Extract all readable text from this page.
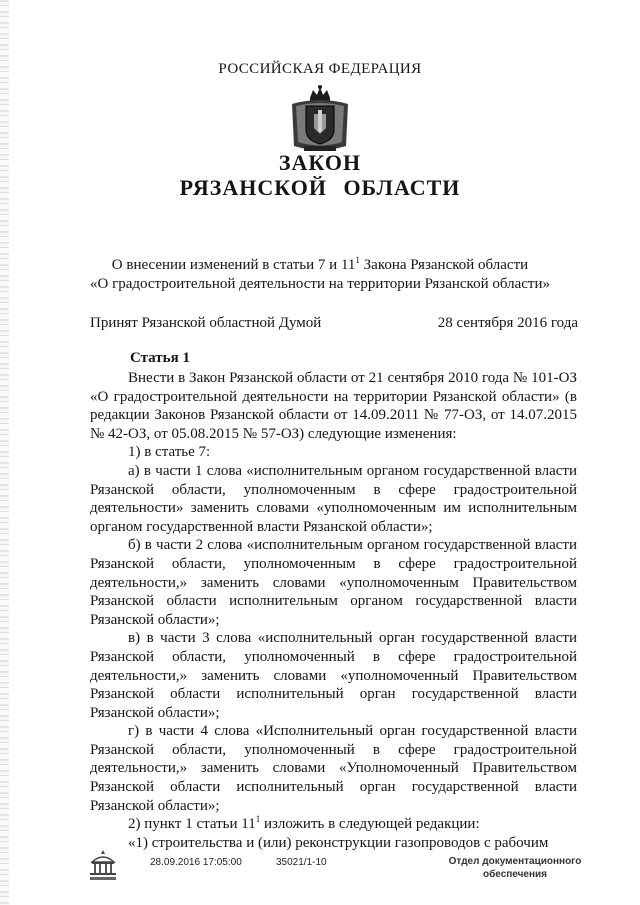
РОССИЙСКАЯ ФЕДЕРАЦИЯ
ЗАКОН
РЯЗАНСКОЙ ОБЛАСТИ
О внесении изменений в статьи 7 и $11^1$ Закона Рязанской области
«О градостроительной деятельности на территории Рязанской области»
Принят Рязанской областной Думой	28 сентября 2016 года
Статья 1

Внести в Закон Рязанской области от 21 сентября 2010 года № 101-ОЗ «О градостроительной деятельности на территории Рязанской области» (в редакции Законов Рязанской области от 14.09.2011 № 77-ОЗ, от 14.07.2015 № 42-ОЗ, от 05.08.2015 № 57-ОЗ) следующие изменения:

1) в статье 7:

а) в части 1 слова «исполнительным органом государственной власти Рязанской области, уполномоченным в сфере градостроительной деятельности» заменить словами «уполномоченным им исполнительным органом государственной власти Рязанской области»;

б) в части 2 слова «исполнительным органом государственной власти Рязанской области, уполномоченным в сфере градостроительной деятельности,» заменить словами «уполномоченным Правительством Рязанской области исполнительным органом государственной власти Рязанской области»;

в) в части 3 слова «исполнительный орган государственной власти Рязанской области, уполномоченный в сфере градостроительной деятельности,» заменить словами «уполномоченный Правительством Рязанской области исполнительный орган государственной власти Рязанской области»;

г) в части 4 слова «Исполнительный орган государственной власти Рязанской области, уполномоченный в сфере градостроительной деятельности,» заменить словами «Уполномоченный Правительством Рязанской области исполнительный орган государственной власти Рязанской области»;

2) пункт 1 статьи $11^1$ изложить в следующей редакции:

«1) строительства и (или) реконструкции газопроводов с рабочим

28.09.2016 17:05:00	35021/1-10	Отдел документационного
обеспечения
